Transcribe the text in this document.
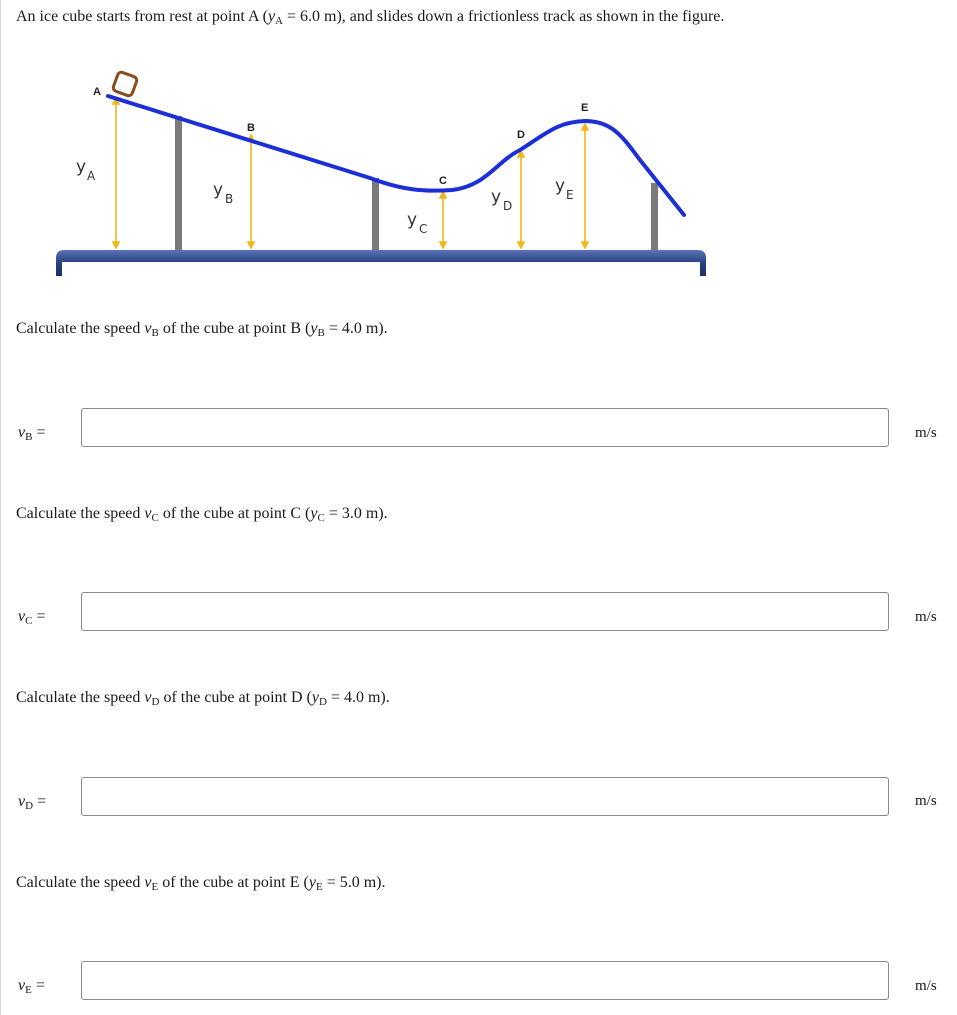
An ice cube starts from rest at point A ($y_A = 6.0$ m), and slides down a frictionless track as shown in the figure.
A
B
C
D
E
y A
y B
y C
y D
y E
Calculate the speed $v_B$ of the cube at point B ($y_B = 4.0$ m).
$v_B$ =	m/s
Calculate the speed $v_C$ of the cube at point C ($y_C = 3.0$ m).
$v_C$ =	m/s
Calculate the speed $v_D$ of the cube at point D ($y_D = 4.0$ m).
$v_D$ =	m/s
Calculate the speed $v_E$ of the cube at point E ($y_E = 5.0$ m).
$v_E$ =	m/s
